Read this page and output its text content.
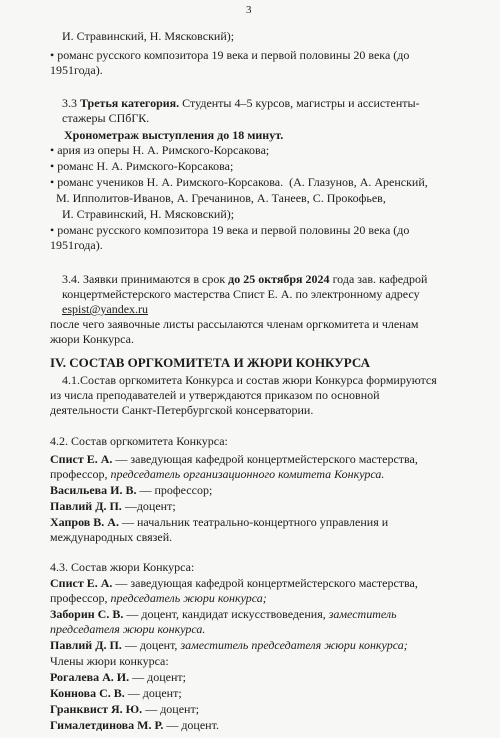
3
И. Стравинский, Н. Мясковский);
• романс русского композитора 19 века и первой половины 20 века (до
1951года).
3.3 Третья категория. Студенты 4–5 курсов, магистры и ассистенты-
стажеры СПбГК.
Хронометраж выступления до 18 минут.
• ария из оперы Н. А. Римского-Корсакова;
• романс Н. А. Римского-Корсакова;
• романс учеников Н. А. Римского-Корсакова. (А. Глазунов, А. Аренский,
М. Ипполитов-Иванов, А. Гречанинов, А. Танеев, С. Прокофьев,
И. Стравинский, Н. Мясковский);
• романс русского композитора 19 века и первой половины 20 века (до
1951года).
3.4. Заявки принимаются в срок до 25 октября 2024 года зав. кафедрой
концертмейстерского мастерства Спист Е. А. по электронному адресу
espist@yandex.ru
после чего заявочные листы рассылаются членам оргкомитета и членам
жюри Конкурса.
IV. СОСТАВ ОРГКОМИТЕТА И ЖЮРИ КОНКУРСА
4.1.Состав оргкомитета Конкурса и состав жюри Конкурса формируются
из числа преподавателей и утверждаются приказом по основной
деятельности Санкт-Петербургской консерватории.
4.2. Состав оргкомитета Конкурса:
Спист Е. А. — заведующая кафедрой концертмейстерского мастерства,
профессор, председатель организационного комитета Конкурса.
Васильева И. В. — профессор;
Павлий Д. П. —доцент;
Хапров В. А. — начальник театрально-концертного управления и
международных связей.
4.3. Состав жюри Конкурса:
Спист Е. А. — заведующая кафедрой концертмейстерского мастерства,
профессор, председатель жюри конкурса;
Заборин С. В. — доцент, кандидат искусствоведения, заместитель
председателя жюри конкурса.
Павлий Д. П. — доцент, заместитель председателя жюри конкурса;
Члены жюри конкурса:
Рогалева А. И. — доцент;
Коннова С. В. — доцент;
Гранквист Я. Ю. — доцент;
Гималетдинова М. Р. — доцент.
